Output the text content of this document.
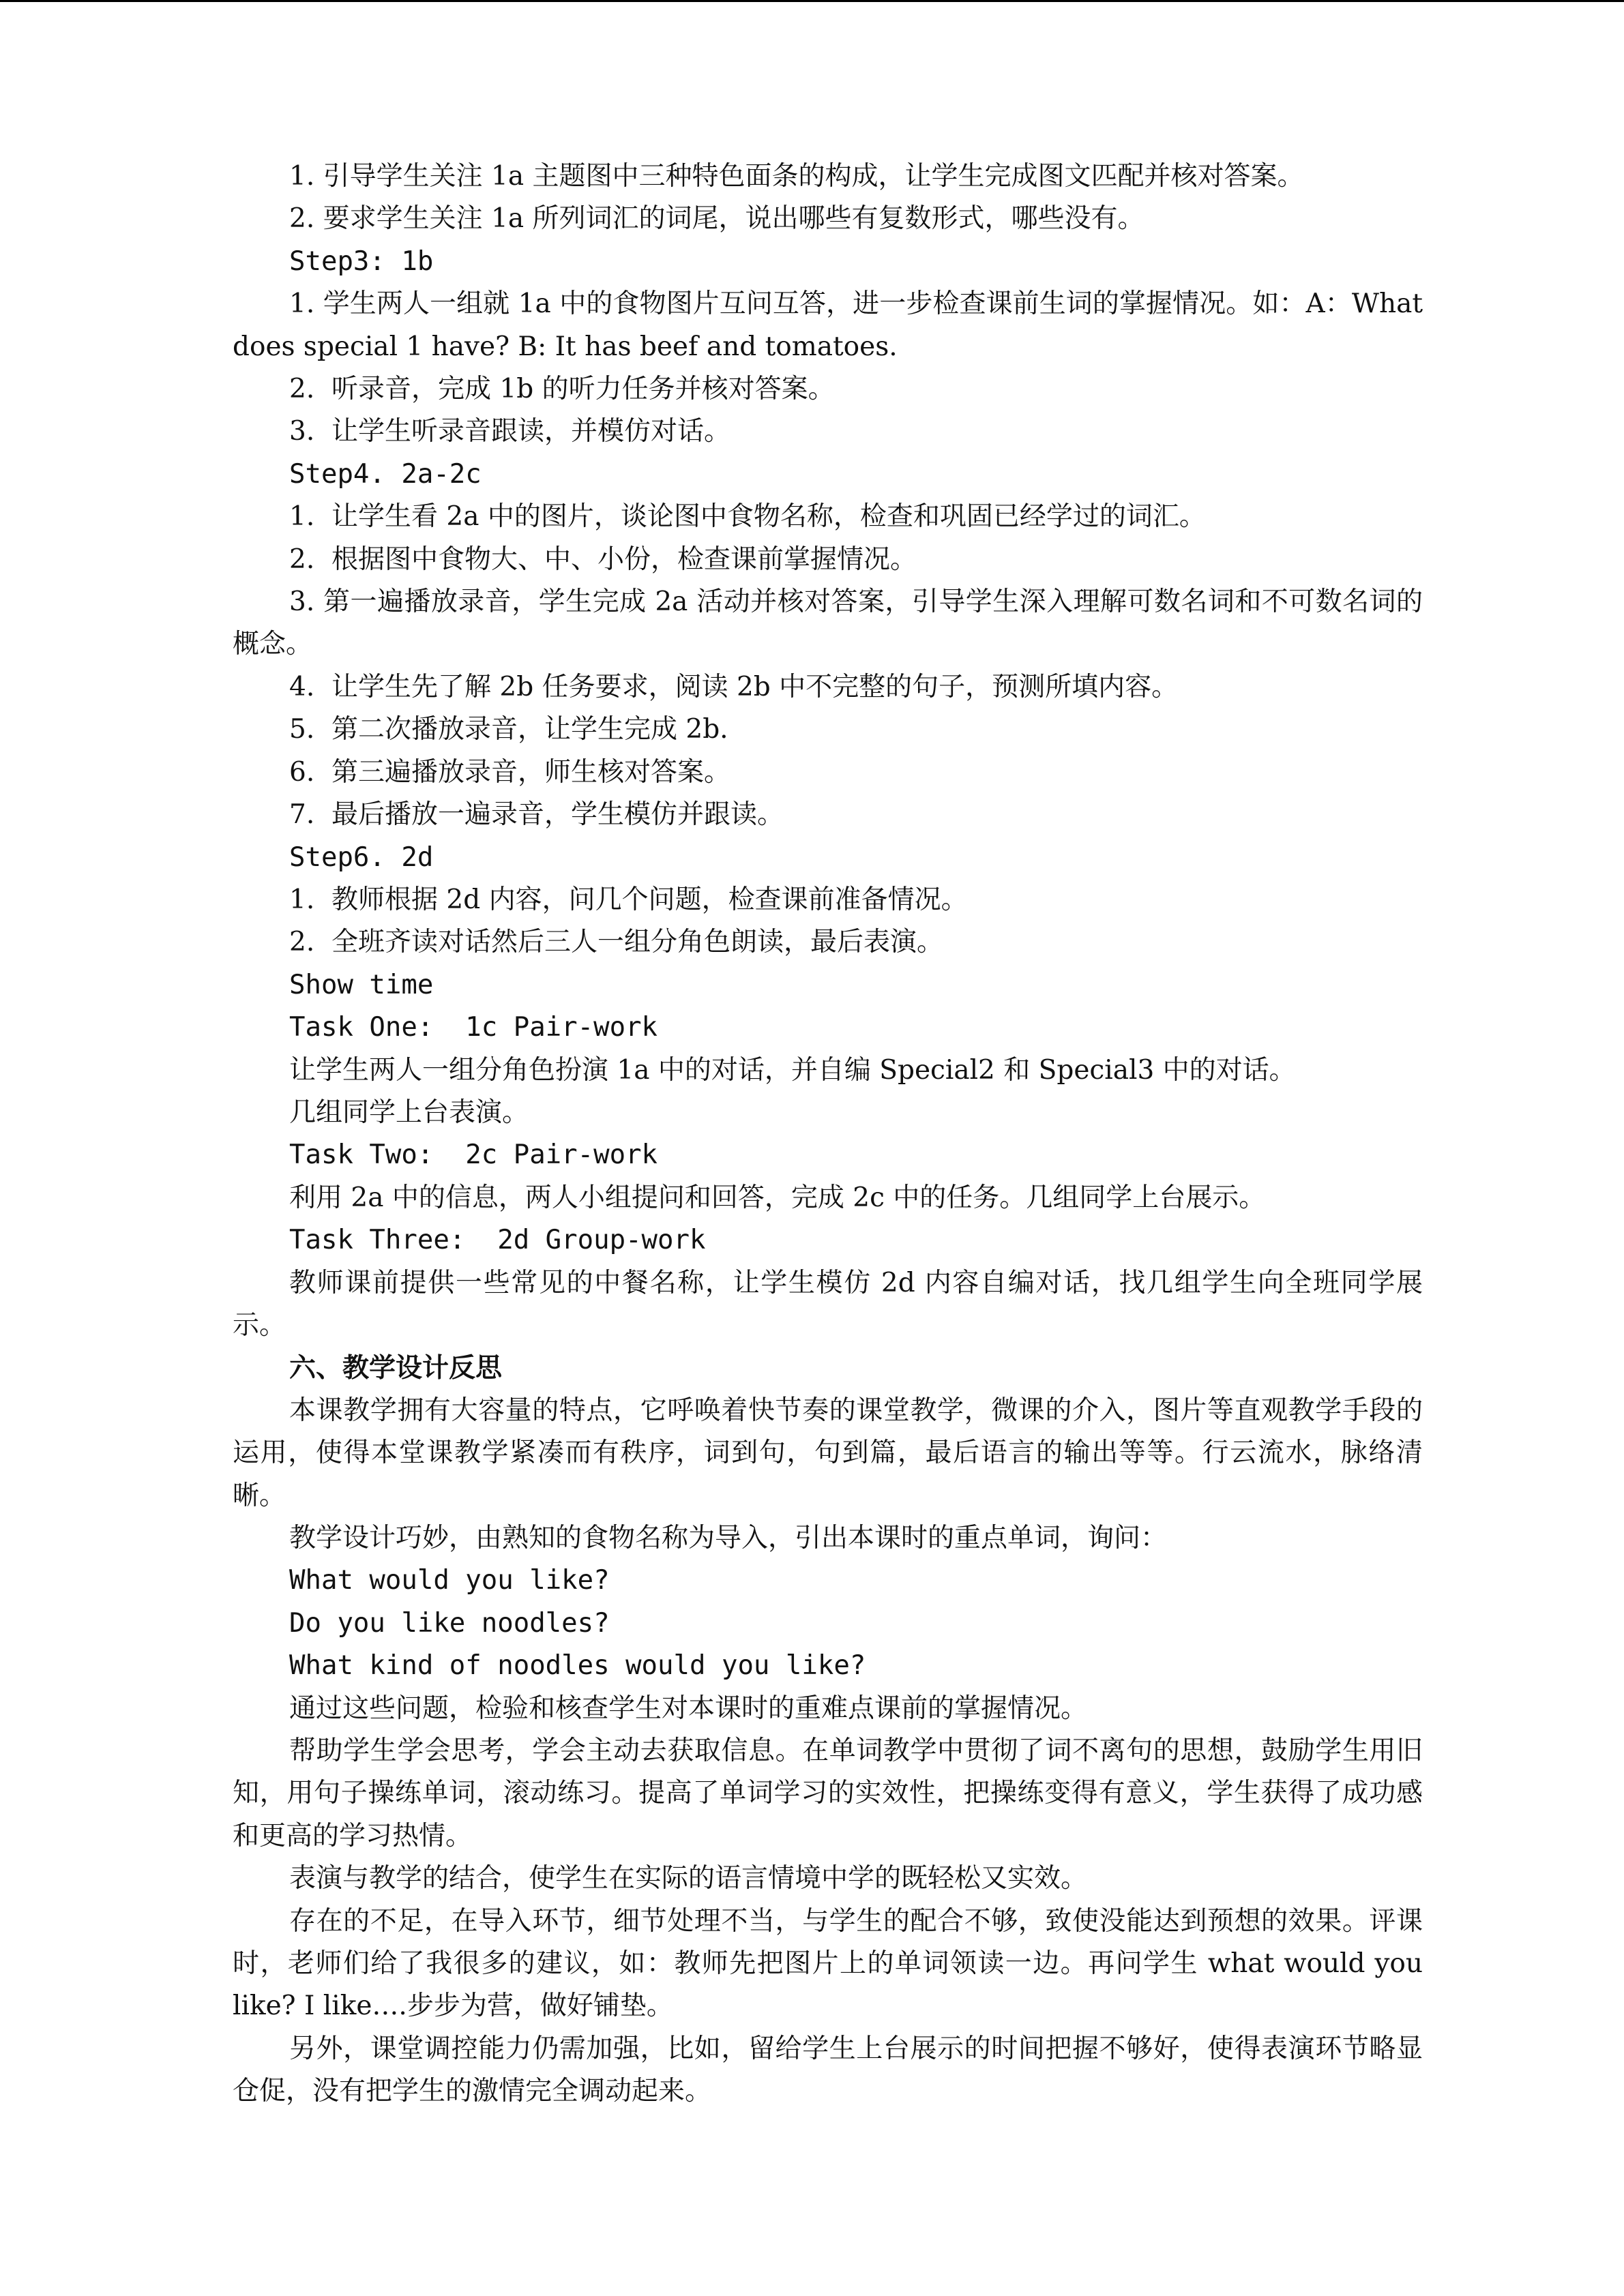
1. 引导学生关注 1a 主题图中三种特色面条的构成，让学生完成图文匹配并核对答案。

2. 要求学生关注 1a 所列词汇的词尾，说出哪些有复数形式，哪些没有。

Step3: 1b

1. 学生两人一组就 1a 中的食物图片互问互答，进一步检查课前生词的掌握情况。如：A：What does special 1 have? B: It has beef and tomatoes.

2.  听录音，完成 1b 的听力任务并核对答案。

3.  让学生听录音跟读，并模仿对话。

Step4. 2a-2c

1.  让学生看 2a 中的图片，谈论图中食物名称，检查和巩固已经学过的词汇。

2.  根据图中食物大、中、小份，检查课前掌握情况。

3. 第一遍播放录音，学生完成 2a 活动并核对答案，引导学生深入理解可数名词和不可数名词的概念。

4.  让学生先了解 2b 任务要求，阅读 2b 中不完整的句子，预测所填内容。

5.  第二次播放录音，让学生完成 2b.

6.  第三遍播放录音，师生核对答案。

7.  最后播放一遍录音，学生模仿并跟读。

Step6. 2d

1.  教师根据 2d 内容，问几个问题，检查课前准备情况。

2.  全班齐读对话然后三人一组分角色朗读，最后表演。

Show time

Task One:  1c Pair-work

让学生两人一组分角色扮演 1a 中的对话，并自编 Special2 和 Special3 中的对话。

几组同学上台表演。

Task Two:  2c Pair-work

利用 2a 中的信息，两人小组提问和回答，完成 2c 中的任务。几组同学上台展示。

Task Three:  2d Group-work

教师课前提供一些常见的中餐名称，让学生模仿 2d 内容自编对话，找几组学生向全班同学展示。

六、教学设计反思

本课教学拥有大容量的特点，它呼唤着快节奏的课堂教学，微课的介入，图片等直观教学手段的运用，使得本堂课教学紧凑而有秩序，词到句，句到篇，最后语言的输出等等。行云流水，脉络清晰。

教学设计巧妙，由熟知的食物名称为导入，引出本课时的重点单词，询问：

What would you like?

Do you like noodles?

What kind of noodles would you like?

通过这些问题，检验和核查学生对本课时的重难点课前的掌握情况。

帮助学生学会思考，学会主动去获取信息。在单词教学中贯彻了词不离句的思想，鼓励学生用旧知，用句子操练单词，滚动练习。提高了单词学习的实效性，把操练变得有意义，学生获得了成功感和更高的学习热情。

表演与教学的结合，使学生在实际的语言情境中学的既轻松又实效。

存在的不足，在导入环节，细节处理不当，与学生的配合不够，致使没能达到预想的效果。评课时，老师们给了我很多的建议，如：教师先把图片上的单词领读一边。再问学生 what would you like? I like….步步为营，做好铺垫。

另外，课堂调控能力仍需加强，比如，留给学生上台展示的时间把握不够好，使得表演环节略显仓促，没有把学生的激情完全调动起来。
